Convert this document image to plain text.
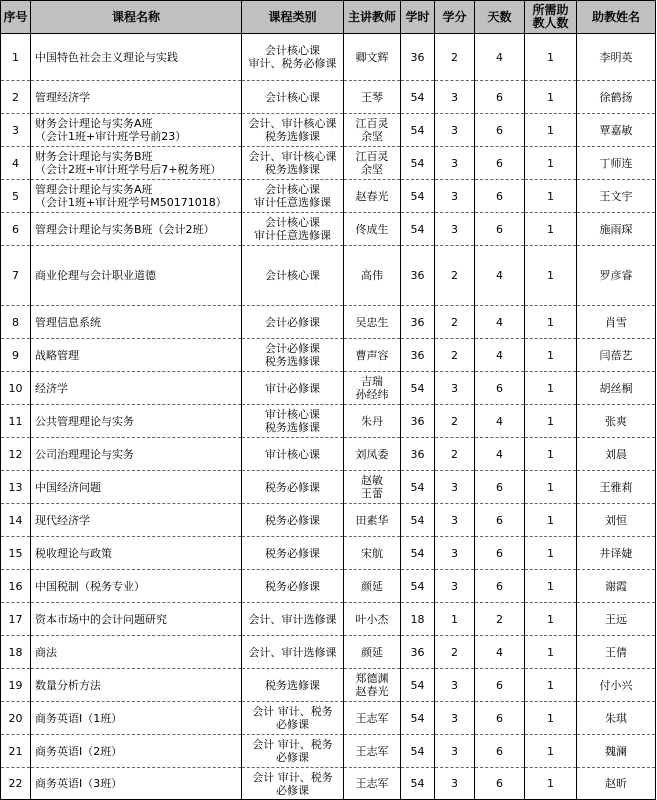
序号	课程名称	课程类别	主讲教师	学时	学分	天数	所需助
教人数	助教姓名
1	中国特色社会主义理论与实践	会计核心课
审计、税务必修课	卿文辉	36	2	4	1	李明英
2	管理经济学	会计核心课	王琴	54	3	6	1	徐鹤扬
3	财务会计理论与实务A班
（会计1班+审计班学号前23）	会计、审计核心课
税务选修课	江百灵
余坚	54	3	6	1	覃嘉敏
4	财务会计理论与实务B班
（会计2班+审计班学号后7+税务班）	会计、审计核心课
税务选修课	江百灵
余坚	54	3	6	1	丁师连
5	管理会计理论与实务A班
（会计1班+审计班学号M50171018）	会计核心课
审计任意选修课	赵春光	54	3	6	1	王文宇
6	管理会计理论与实务B班（会计2班）	会计核心课
审计任意选修课	佟成生	54	3	6	1	施雨琛
7	商业伦理与会计职业道德	会计核心课	高伟	36	2	4	1	罗彦睿
8	管理信息系统	会计必修课	吴忠生	36	2	4	1	肖雪
9	战略管理	会计必修课
税务选修课	曹声容	36	2	4	1	闫蓓艺
10	经济学	审计必修课	吉瑞
孙经纬	54	3	6	1	胡丝桐
11	公共管理理论与实务	审计核心课
税务选修课	朱丹	36	2	4	1	张爽
12	公司治理理论与实务	审计核心课	刘凤委	36	2	4	1	刘晨
13	中国经济问题	税务必修课	赵敏
王蕾	54	3	6	1	王雅莉
14	现代经济学	税务必修课	田素华	54	3	6	1	刘恒
15	税收理论与政策	税务必修课	宋航	54	3	6	1	井译婕
16	中国税制（税务专业）	税务必修课	颜延	54	3	6	1	谢霞
17	资本市场中的会计问题研究	会计、审计选修课	叶小杰	18	1	2	1	王远
18	商法	会计、审计选修课	颜延	36	2	4	1	王倩
19	数量分析方法	税务选修课	郑德渊
赵春光	54	3	6	1	付小兴
20	商务英语I（1班）	会计 审计、税务
必修课	王志军	54	3	6	1	朱琪
21	商务英语I（2班）	会计 审计、税务
必修课	王志军	54	3	6	1	魏澜
22	商务英语I（3班）	会计 审计、税务
必修课	王志军	54	3	6	1	赵昕
